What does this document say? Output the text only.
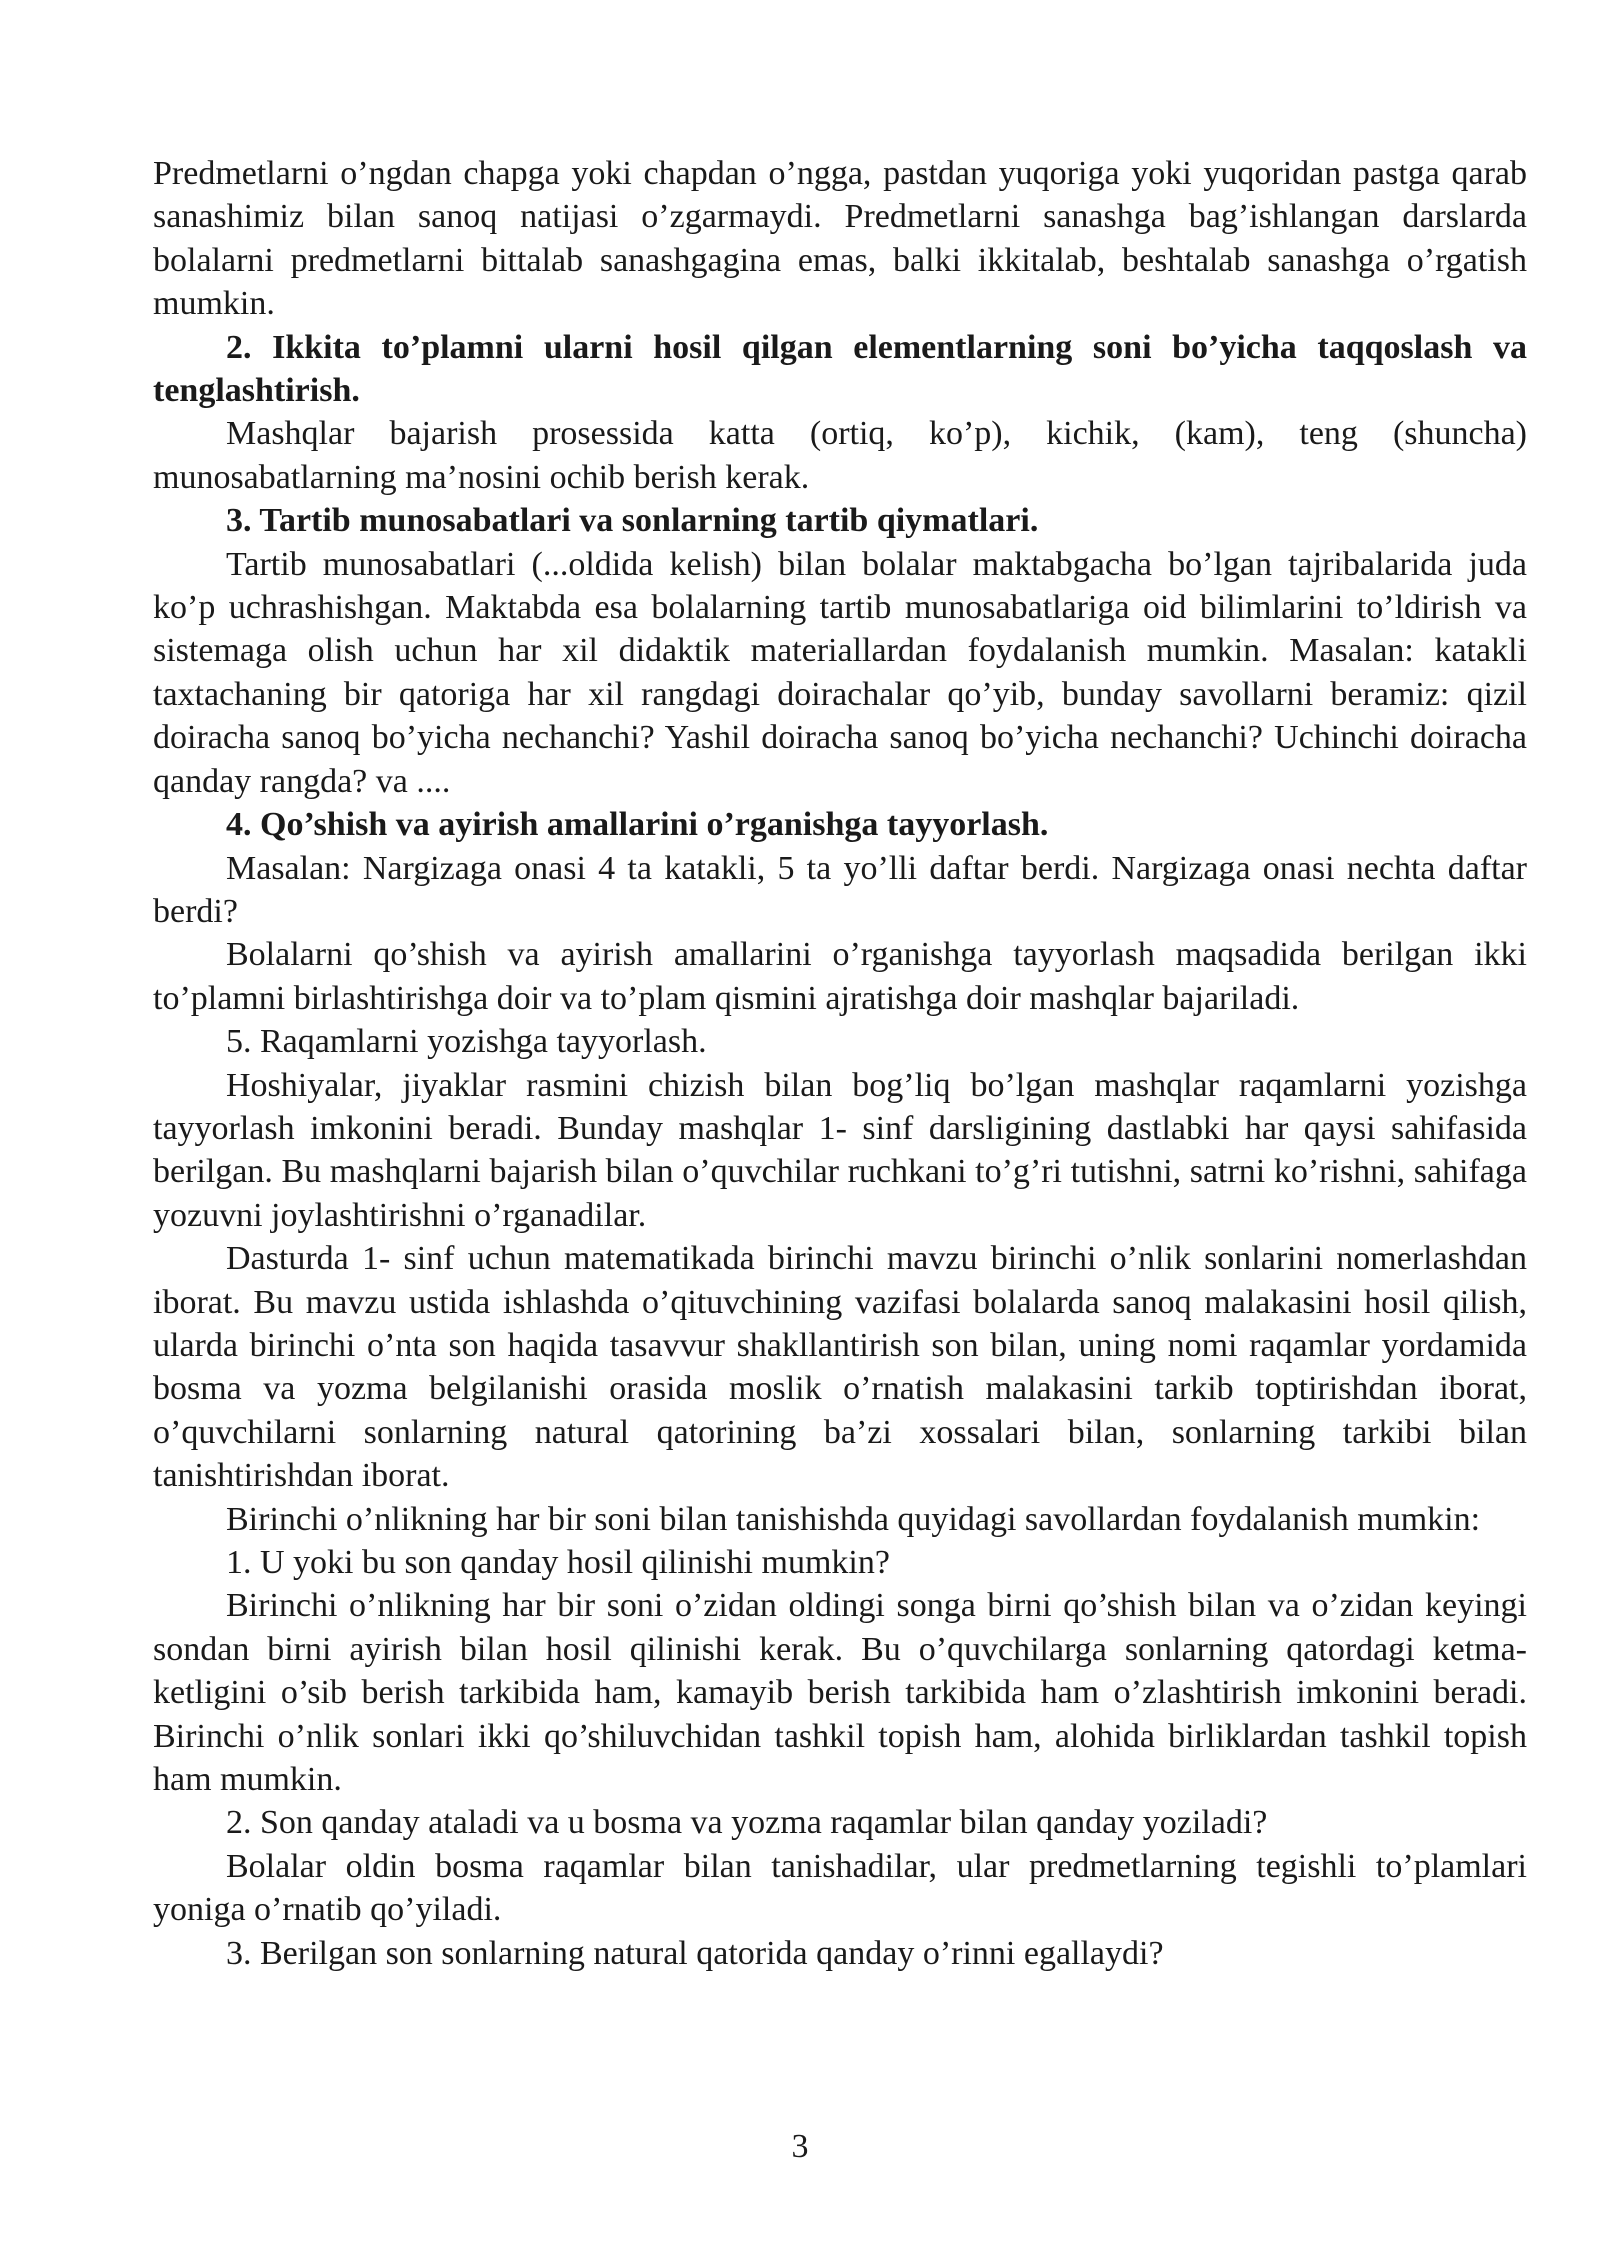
Predmetlarni o’ngdan chapga yoki chapdan o’ngga, pastdan yuqoriga yoki yuqoridan pastga qarab sanashimiz bilan sanoq natijasi o’zgarmaydi. Predmetlarni sanashga bag’ishlangan darslarda bolalarni predmetlarni bittalab sanashgagina emas, balki ikkitalab, beshtalab sanashga o’rgatish mumkin.

2. Ikkita to’plamni ularni hosil qilgan elementlarning soni bo’yicha taqqoslash va tenglashtirish.

Mashqlar bajarish prosessida katta (ortiq, ko’p), kichik, (kam), teng (shuncha) munosabatlarning ma’nosini ochib berish kerak.

3. Tartib munosabatlari va sonlarning tartib qiymatlari.

Tartib munosabatlari (...oldida kelish) bilan bolalar maktabgacha bo’lgan tajribalarida juda ko’p uchrashishgan. Maktabda esa bolalarning tartib munosabatlariga oid bilimlarini to’ldirish va sistemaga olish uchun har xil didaktik materiallardan foydalanish mumkin. Masalan: katakli taxtachaning bir qatoriga har xil rangdagi doirachalar qo’yib, bunday savollarni beramiz: qizil doiracha sanoq bo’yicha nechanchi? Yashil doiracha sanoq bo’yicha nechanchi? Uchinchi doiracha qanday rangda? va ....

4. Qo’shish va ayirish amallarini o’rganishga tayyorlash.

Masalan: Nargizaga onasi 4 ta katakli, 5 ta yo’lli daftar berdi. Nargizaga onasi nechta daftar berdi?

Bolalarni qo’shish va ayirish amallarini o’rganishga tayyorlash maqsadida berilgan ikki to’plamni birlashtirishga doir va to’plam qismini ajratishga doir mashqlar bajariladi.

5. Raqamlarni yozishga tayyorlash.

Hoshiyalar, jiyaklar rasmini chizish bilan bog’liq bo’lgan mashqlar raqamlarni yozishga tayyorlash imkonini beradi. Bunday mashqlar 1- sinf darsligining dastlabki har qaysi sahifasida berilgan. Bu mashqlarni bajarish bilan o’quvchilar ruchkani to’g’ri tutishni, satrni ko’rishni, sahifaga yozuvni joylashtirishni o’rganadilar.

Dasturda 1- sinf uchun matematikada birinchi mavzu birinchi o’nlik sonlarini nomerlashdan iborat. Bu mavzu ustida ishlashda o’qituvchining vazifasi bolalarda sanoq malakasini hosil qilish, ularda birinchi o’nta son haqida tasavvur shakllantirish son bilan, uning nomi raqamlar yordamida bosma va yozma belgilanishi orasida moslik o’rnatish malakasini tarkib toptirishdan iborat, o’quvchilarni sonlarning natural qatorining ba’zi xossalari bilan, sonlarning tarkibi bilan tanishtirishdan iborat.

Birinchi o’nlikning har bir soni bilan tanishishda quyidagi savollardan foydalanish mumkin:

1. U yoki bu son qanday hosil qilinishi mumkin?

Birinchi o’nlikning har bir soni o’zidan oldingi songa birni qo’shish bilan va o’zidan keyingi sondan birni ayirish bilan hosil qilinishi kerak. Bu o’quvchilarga sonlarning qatordagi ketma-ketligini o’sib berish tarkibida ham, kamayib berish tarkibida ham o’zlashtirish imkonini beradi. Birinchi o’nlik sonlari ikki qo’shiluvchidan tashkil topish ham, alohida birliklardan tashkil topish ham mumkin.

2. Son qanday ataladi va u bosma va yozma raqamlar bilan qanday yoziladi?

Bolalar oldin bosma raqamlar bilan tanishadilar, ular predmetlarning tegishli to’plamlari yoniga o’rnatib qo’yiladi.

3. Berilgan son sonlarning natural qatorida qanday o’rinni egallaydi?

3
